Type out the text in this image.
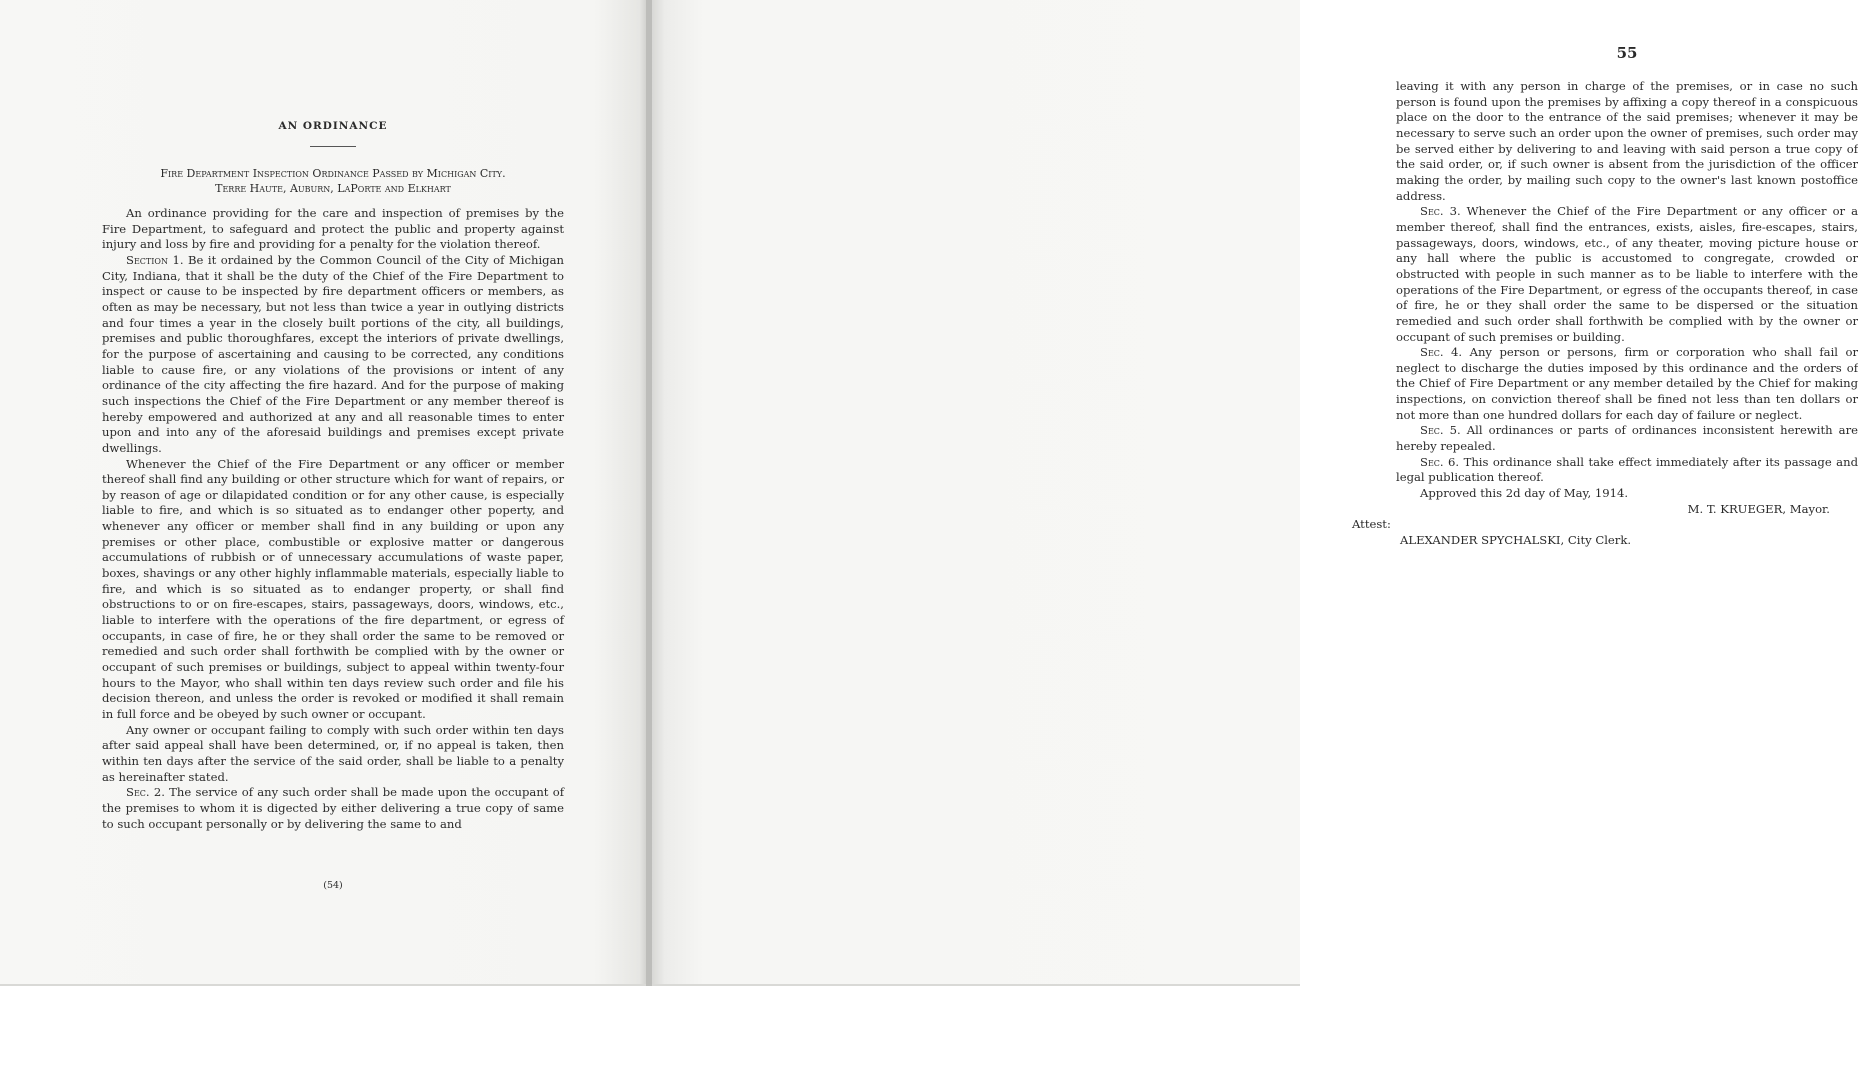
AN ORDINANCE
Fire Department Inspection Ordinance Passed by Michigan City.
Terre Haute, Auburn, LaPorte and Elkhart

An ordinance providing for the care and inspection of premises by the Fire Department, to safeguard and protect the public and property against injury and loss by fire and providing for a penalty for the violation thereof.

Section 1. Be it ordained by the Common Council of the City of Michigan City, Indiana, that it shall be the duty of the Chief of the Fire Department to inspect or cause to be inspected by fire department officers or members, as often as may be necessary, but not less than twice a year in outlying districts and four times a year in the closely built portions of the city, all buildings, premises and public thoroughfares, except the interiors of private dwellings, for the purpose of ascertaining and causing to be corrected, any conditions liable to cause fire, or any violations of the provisions or intent of any ordinance of the city affecting the fire hazard. And for the purpose of making such inspections the Chief of the Fire Department or any member thereof is hereby empowered and authorized at any and all reasonable times to enter upon and into any of the aforesaid buildings and premises except private dwellings.

Whenever the Chief of the Fire Department or any officer or member thereof shall find any building or other structure which for want of repairs, or by reason of age or dilapidated condition or for any other cause, is especially liable to fire, and which is so situated as to endanger other poperty, and whenever any officer or member shall find in any building or upon any premises or other place, combustible or explosive matter or dangerous accumulations of rubbish or of unnecessary accumulations of waste paper, boxes, shavings or any other highly inflammable materials, especially liable to fire, and which is so situated as to endanger property, or shall find obstructions to or on fire-escapes, stairs, passageways, doors, windows, etc., liable to interfere with the operations of the fire department, or egress of occupants, in case of fire, he or they shall order the same to be removed or remedied and such order shall forthwith be complied with by the owner or occupant of such premises or buildings, subject to appeal within twenty-four hours to the Mayor, who shall within ten days review such order and file his decision thereon, and unless the order is revoked or modified it shall remain in full force and be obeyed by such owner or occupant.

Any owner or occupant failing to comply with such order within ten days after said appeal shall have been determined, or, if no appeal is taken, then within ten days after the service of the said order, shall be liable to a penalty as hereinafter stated.

Sec. 2. The service of any such order shall be made upon the occupant of the premises to whom it is digected by either delivering a true copy of same to such occupant personally or by delivering the same to and

(54)
55

leaving it with any person in charge of the premises, or in case no such person is found upon the premises by affixing a copy thereof in a conspicuous place on the door to the entrance of the said premises; whenever it may be necessary to serve such an order upon the owner of premises, such order may be served either by delivering to and leaving with said person a true copy of the said order, or, if such owner is absent from the jurisdiction of the officer making the order, by mailing such copy to the owner's last known postoffice address.

Sec. 3. Whenever the Chief of the Fire Department or any officer or a member thereof, shall find the entrances, exists, aisles, fire-escapes, stairs, passageways, doors, windows, etc., of any theater, moving picture house or any hall where the public is accustomed to congregate, crowded or obstructed with people in such manner as to be liable to interfere with the operations of the Fire Department, or egress of the occupants thereof, in case of fire, he or they shall order the same to be dispersed or the situation remedied and such order shall forthwith be complied with by the owner or occupant of such premises or building.

Sec. 4. Any person or persons, firm or corporation who shall fail or neglect to discharge the duties imposed by this ordinance and the orders of the Chief of Fire Department or any member detailed by the Chief for making inspections, on conviction thereof shall be fined not less than ten dollars or not more than one hundred dollars for each day of failure or neglect.

Sec. 5. All ordinances or parts of ordinances inconsistent herewith are hereby repealed.

Sec. 6. This ordinance shall take effect immediately after its passage and legal publication thereof.

Approved this 2d day of May, 1914.

M. T. KRUEGER, Mayor.

Attest:

ALEXANDER SPYCHALSKI, City Clerk.
